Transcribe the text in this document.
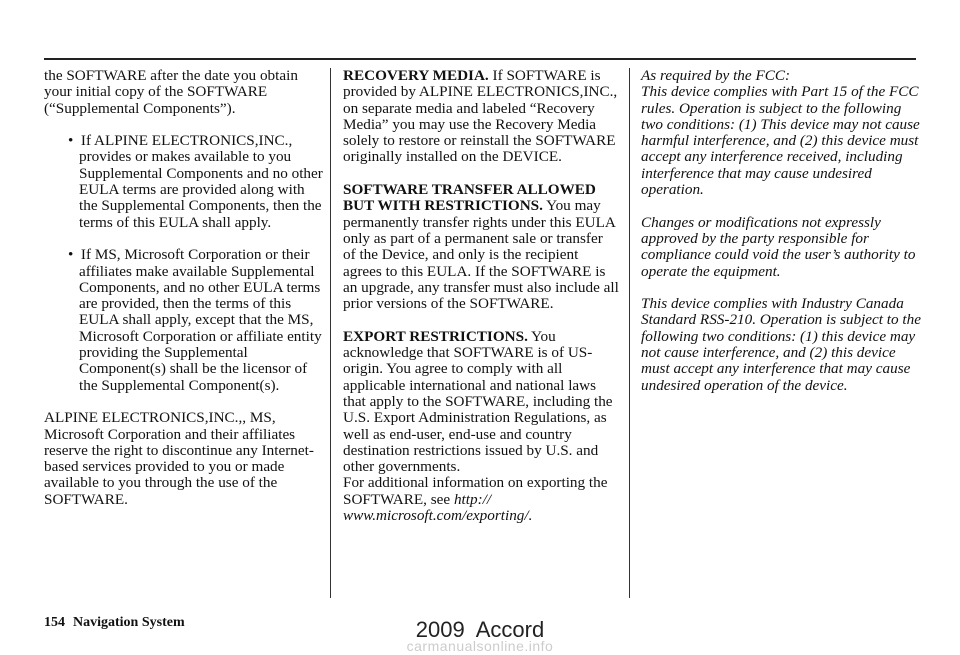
the SOFTWARE after the date you obtain your initial copy of the SOFTWARE (“Supplemental Components”).

• If ALPINE ELECTRONICS,INC., provides or makes available to you Supplemental Components and no other EULA terms are provided along with the Supplemental Components, then the terms of this EULA shall apply.
• If MS, Microsoft Corporation or their affiliates make available Supplemental Components, and no other EULA terms are provided, then the terms of this EULA shall apply, except that the MS, Microsoft Corporation or affiliate entity providing the Supplemental Component(s) shall be the licensor of the Supplemental Component(s).

ALPINE ELECTRONICS,INC.,, MS, Microsoft Corporation and their affiliates reserve the right to discontinue any Internet-based services provided to you or made available to you through the use of the SOFTWARE.

RECOVERY MEDIA. If SOFTWARE is provided by ALPINE ELECTRONICS,INC., on separate media and labeled “Recovery Media” you may use the Recovery Media solely to restore or reinstall the SOFTWARE originally installed on the DEVICE.

SOFTWARE TRANSFER ALLOWED BUT WITH RESTRICTIONS. You may permanently transfer rights under this EULA only as part of a permanent sale or transfer of the Device, and only is the recipient agrees to this EULA. If the SOFTWARE is an upgrade, any transfer must also include all prior versions of the SOFTWARE.

EXPORT RESTRICTIONS. You acknowledge that SOFTWARE is of US-origin. You agree to comply with all applicable international and national laws that apply to the SOFTWARE, including the U.S. Export Administration Regulations, as well as end-user, end-use and country destination restrictions issued by U.S. and other governments.

For additional information on exporting the SOFTWARE, see http:// www.microsoft.com/exporting/.

As required by the FCC:

This device complies with Part 15 of the FCC rules. Operation is subject to the following two conditions: (1) This device may not cause harmful interference, and (2) this device must accept any interference received, including interference that may cause undesired operation.

Changes or modifications not expressly approved by the party responsible for compliance could void the user’s authority to operate the equipment.

This device complies with Industry Canada Standard RSS-210. Operation is subject to the following two conditions: (1) this device may not cause interference, and (2) this device must accept any interference that may cause undesired operation of the device.

154 Navigation System	2009  Accord
carmanualsonline.info
